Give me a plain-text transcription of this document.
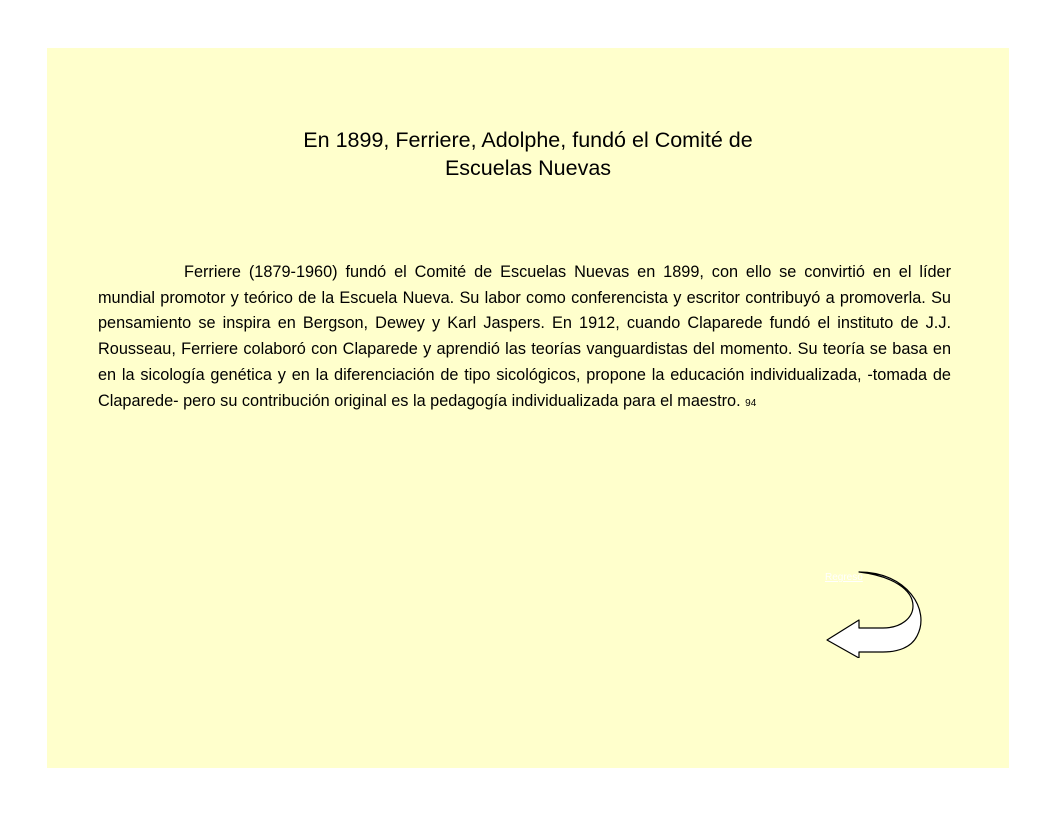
En 1899, Ferriere, Adolphe, fundó el Comité de
Escuelas Nuevas

Ferriere (1879-1960) fundó el Comité de Escuelas Nuevas en 1899, con ello se convirtió en el líder mundial promotor y teórico de la Escuela Nueva. Su labor como conferencista y escritor contribuyó a promoverla. Su pensamiento se inspira en Bergson, Dewey y Karl Jaspers. En 1912, cuando Claparede fundó el instituto de J.J. Rousseau, Ferriere colaboró con Claparede y aprendió las teorías vanguardistas del momento. Su teoría se basa en en la sicología genética y en la diferenciación de tipo sicológicos, propone la educación individualizada, -tomada de Claparede- pero su contribución original es la pedagogía individualizada para el maestro. 94

Regreso
